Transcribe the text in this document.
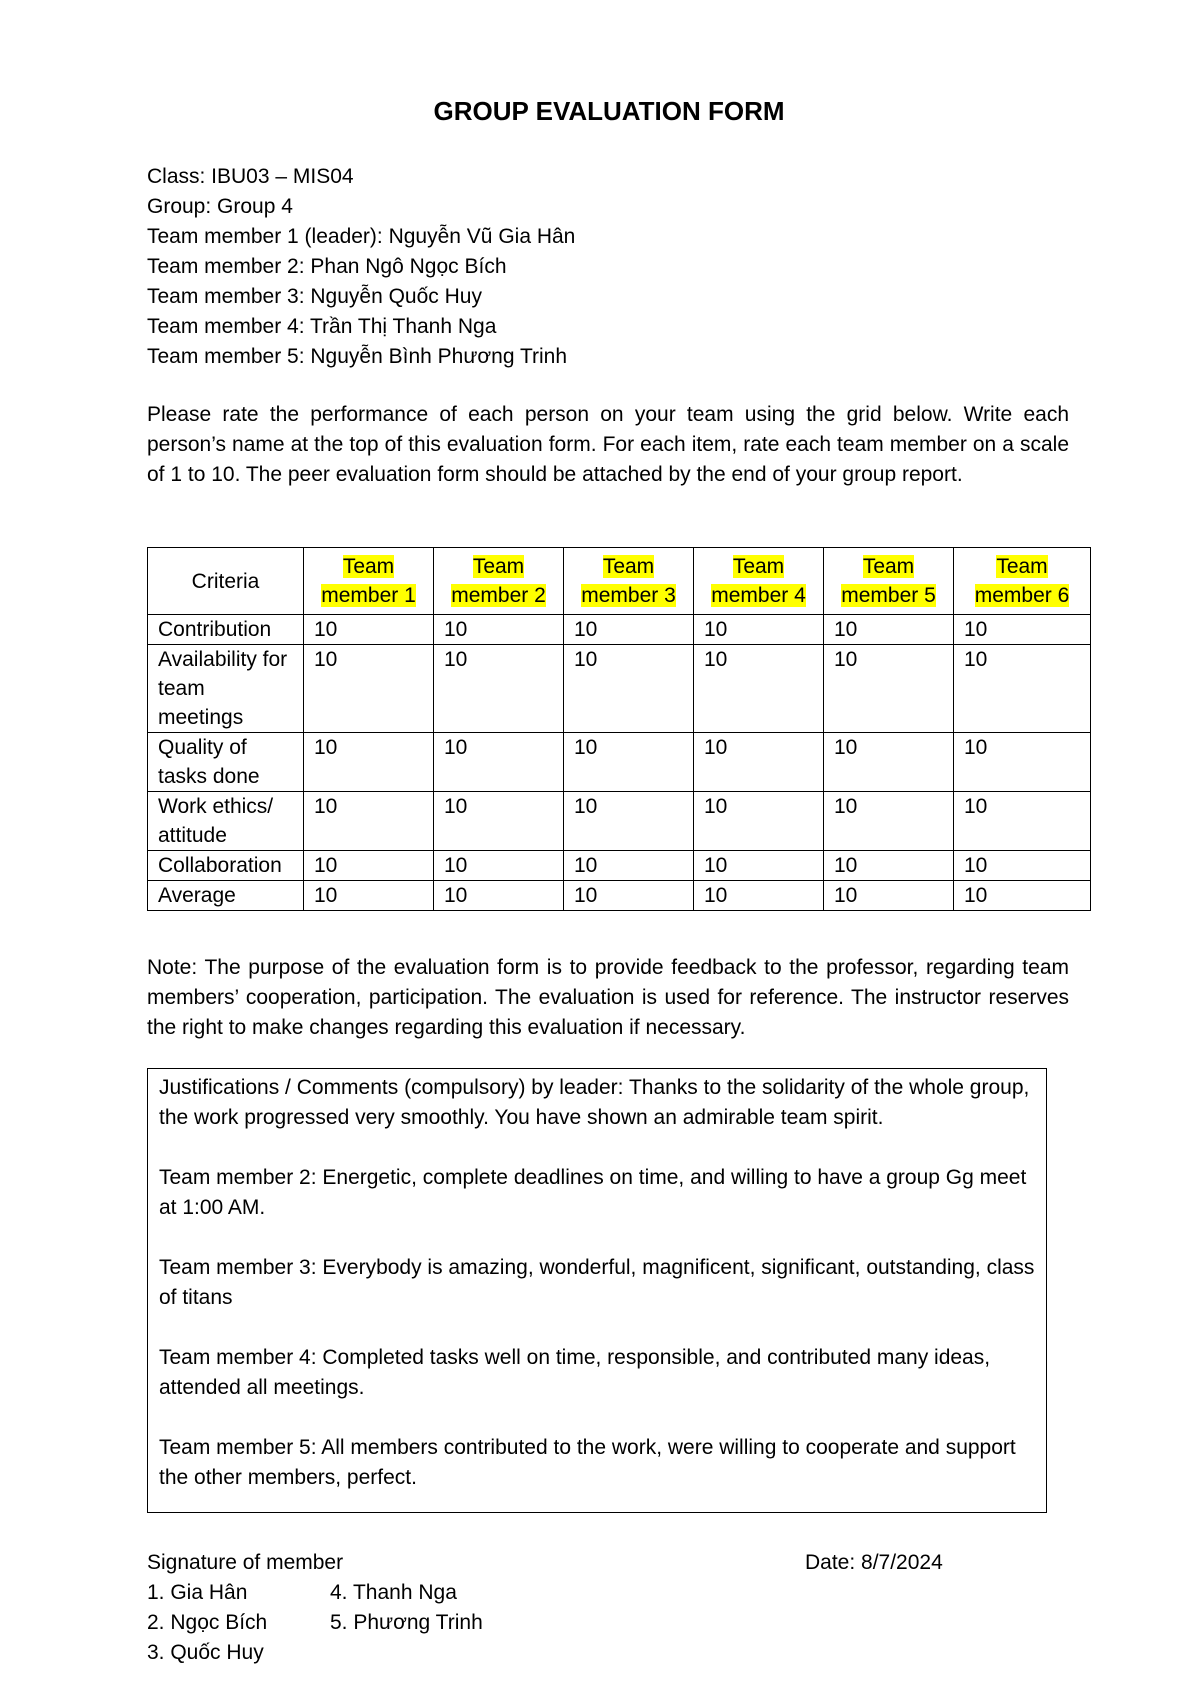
GROUP EVALUATION FORM
Class: IBU03 – MIS04
Group: Group 4
Team member 1 (leader): Nguyễn Vũ Gia Hân
Team member 2: Phan Ngô Ngọc Bích
Team member 3: Nguyễn Quốc Huy
Team member 4: Trần Thị Thanh Nga
Team member 5: Nguyễn Bình Phương Trinh
Please rate the performance of each person on your team using the grid below. Write each person’s name at the top of this evaluation form. For each item, rate each team member on a scale of 1 to 10. The peer evaluation form should be attached by the end of your group report.
Criteria	Team member 1	Team member 2	Team member 3	Team member 4	Team member 5	Team member 6
Contribution	10	10	10	10	10	10
Availability for team meetings	10	10	10	10	10	10
Quality of tasks done	10	10	10	10	10	10
Work ethics/ attitude	10	10	10	10	10	10
Collaboration	10	10	10	10	10	10
Average	10	10	10	10	10	10
Note: The purpose of the evaluation form is to provide feedback to the professor, regarding team members’ cooperation, participation. The evaluation is used for reference. The instructor reserves the right to make changes regarding this evaluation if necessary.

Justifications / Comments (compulsory) by leader: Thanks to the solidarity of the whole group, the work progressed very smoothly. You have shown an admirable team spirit.

Team member 2: Energetic, complete deadlines on time, and willing to have a group Gg meet at 1:00 AM.

Team member 3: Everybody is amazing, wonderful, magnificent, significant, outstanding, class of titans

Team member 4: Completed tasks well on time, responsible, and contributed many ideas, attended all meetings.

Team member 5: All members contributed to the work, were willing to cooperate and support the other members, perfect.

Signature of member	Date: 8/7/2024
1. Gia Hân	4. Thanh Nga
2. Ngọc Bích	5. Phương Trinh
3. Quốc Huy
